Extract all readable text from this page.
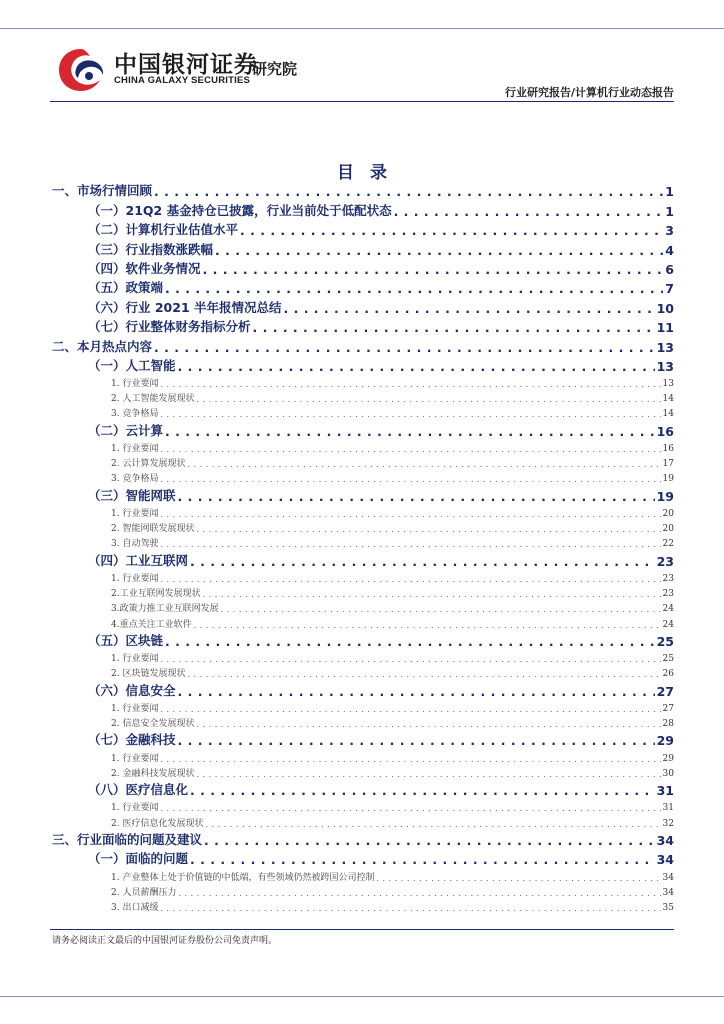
中国银河证券
CHINA GALAXY SECURITIES
研究院
行业研究报告/计算机行业动态报告
目录
一、市场行情回顾 . . .	1
（一）21Q2 基金持仓已披露，行业当前处于低配状态 . . .	1
（二）计算机行业估值水平 . . .	3
（三）行业指数涨跌幅 . . .	4
（四）软件业务情况 . . .	6
（五）政策端 . . .	7
（六）行业 2021 半年报情况总结 . . .	10
（七）行业整体财务指标分析 . . .	11
二、本月热点内容 . . .	13
（一）人工智能 . . .	13
1. 行业要闻 . . .	13
2. 人工智能发展现状 . . .	14
3. 竞争格局 . . .	14
（二）云计算 . . .	16
1. 行业要闻 . . .	16
2. 云计算发展现状 . . .	17
3. 竞争格局 . . .	19
（三）智能网联 . . .	19
1. 行业要闻 . . .	20
2. 智能网联发展现状 . . .	20
3. 自动驾驶 . . .	22
（四）工业互联网 . . .	23
1. 行业要闻 . . .	23
2.工业互联网发展现状 . . .	23
3.政策力推工业互联网发展 . . .	24
4.重点关注工业软件 . . .	24
（五）区块链 . . .	25
1. 行业要闻 . . .	25
2. 区块链发展现状 . . .	26
（六）信息安全 . . .	27
1. 行业要闻 . . .	27
2. 信息安全发展现状 . . .	28
（七）金融科技 . . .	29
1. 行业要闻 . . .	29
2. 金融科技发展现状 . . .	30
（八）医疗信息化 . . .	31
1. 行业要闻 . . .	31
2. 医疗信息化发展现状 . . .	32
三、行业面临的问题及建议 . . .	34
（一）面临的问题 . . .	34
1. 产业整体上处于价值链的中低端，有些领域仍然被跨国公司控制 . . .	34
2. 人员薪酬压力 . . .	34
3. 出口减缓 . . .	35
请务必阅读正文最后的中国银河证券股份公司免责声明。
